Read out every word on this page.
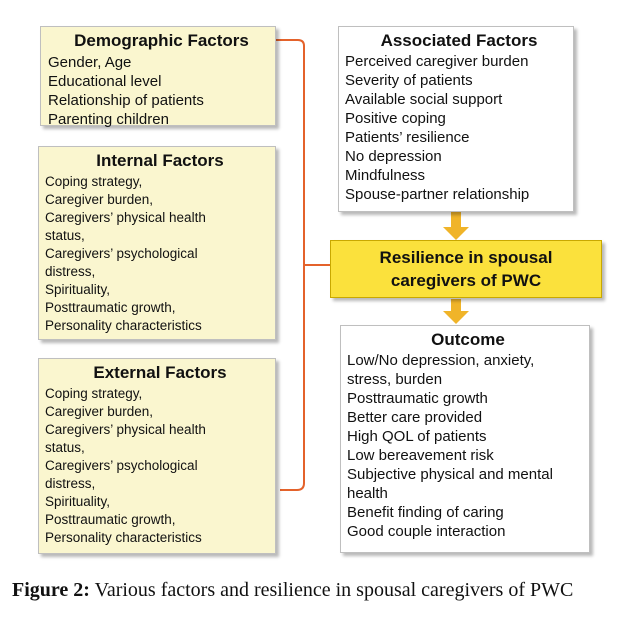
Demographic Factors
Gender, Age
Educational level
Relationship of patients
Parenting children
Internal Factors
Coping strategy,
Caregiver burden,
Caregivers’ physical health
status,
Caregivers’ psychological
distress,
Spirituality,
Posttraumatic growth,
Personality characteristics
External Factors
Coping strategy,
Caregiver burden,
Caregivers’ physical health
status,
Caregivers’ psychological
distress,
Spirituality,
Posttraumatic growth,
Personality characteristics
Associated Factors
Perceived caregiver burden
Severity of patients
Available social support
Positive coping
Patients’ resilience
No depression
Mindfulness
Spouse-partner relationship
Resilience in spousal
caregivers of PWC
Outcome
Low/No depression, anxiety,
stress, burden
Posttraumatic growth
Better care provided
High QOL of patients
Low bereavement risk
Subjective physical and mental
health
Benefit finding of caring
Good couple interaction
Figure 2: Various factors and resilience in spousal caregivers of PWC
